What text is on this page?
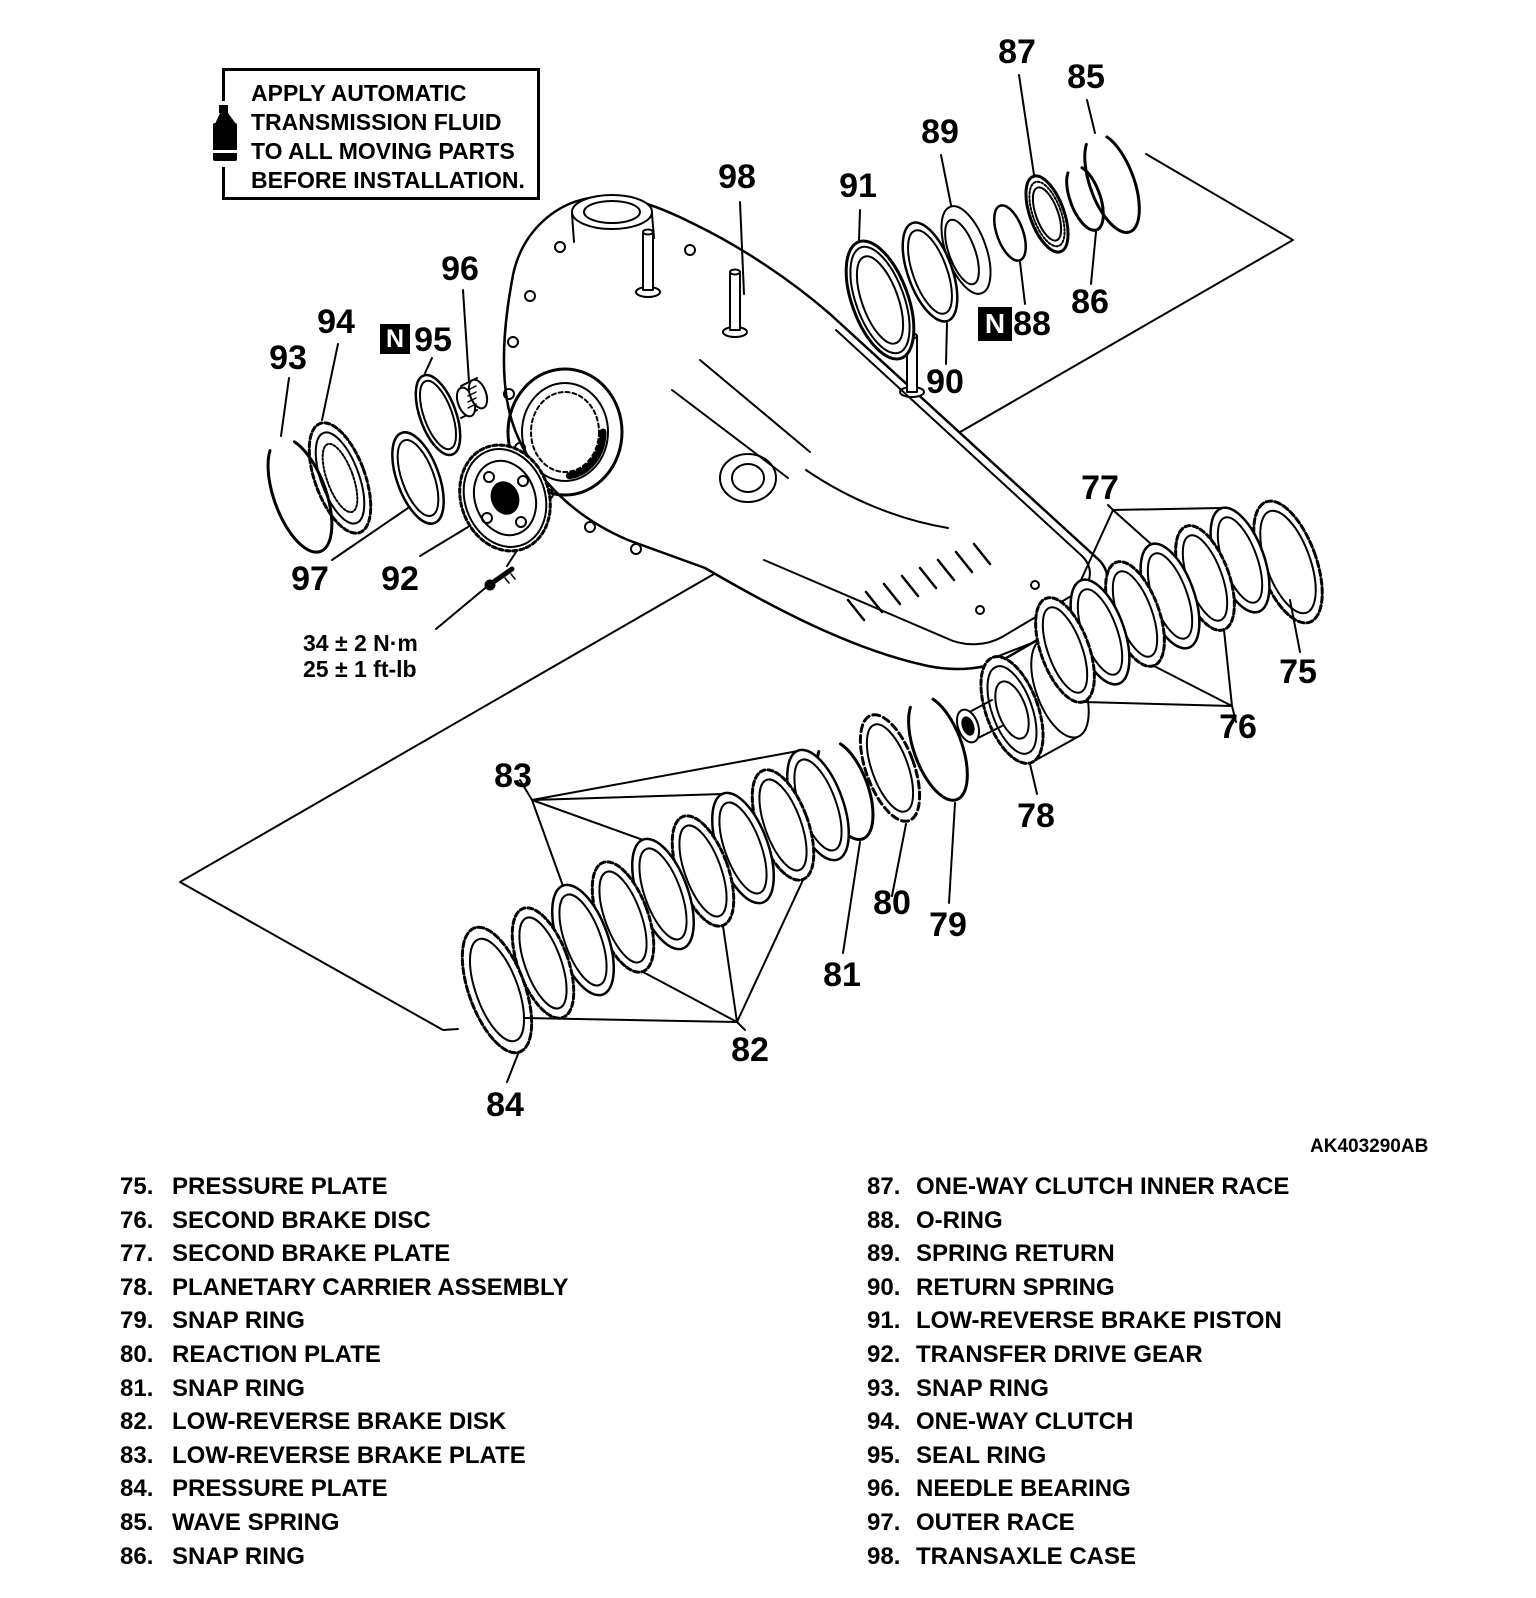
APPLY AUTOMATIC
TRANSMISSION FLUID
TO ALL MOVING PARTS
BEFORE INSTALLATION.
34 ± 2 N·m
25 ± 1 ft-lb
AK403290AB
N	N
75
76
77
78
79
80
81
82
83
84
85
86
87
88
89
90
91
92
93
94	95
96
97
98
75. PRESSURE PLATE
76. SECOND BRAKE DISC
77. SECOND BRAKE PLATE
78. PLANETARY CARRIER ASSEMBLY
79. SNAP RING
80. REACTION PLATE
81. SNAP RING
82. LOW-REVERSE BRAKE DISK
83. LOW-REVERSE BRAKE PLATE
84. PRESSURE PLATE
85. WAVE SPRING
86. SNAP RING
87. ONE-WAY CLUTCH INNER RACE
88. O-RING
89. SPRING RETURN
90. RETURN SPRING
91. LOW-REVERSE BRAKE PISTON
92. TRANSFER DRIVE GEAR
93. SNAP RING
94. ONE-WAY CLUTCH
95. SEAL RING
96. NEEDLE BEARING
97. OUTER RACE
98. TRANSAXLE CASE
